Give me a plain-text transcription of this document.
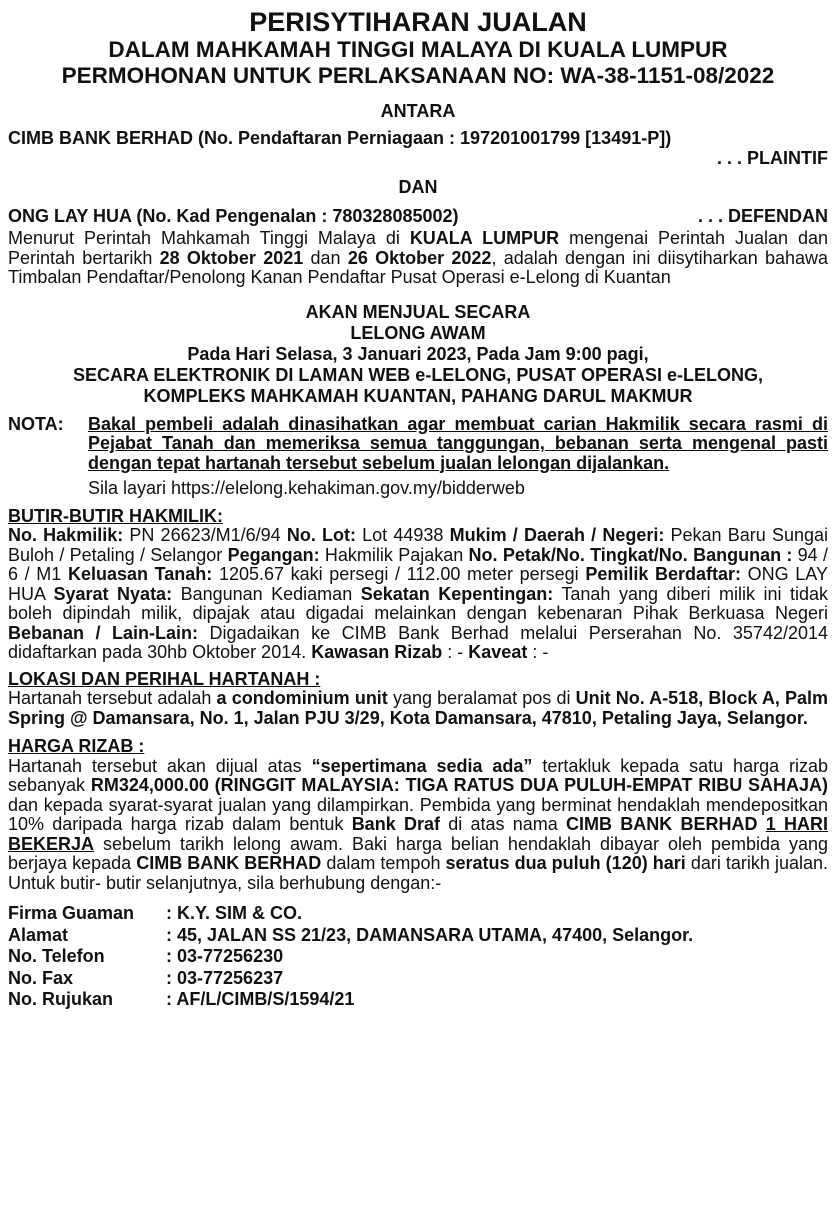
PERISYTIHARAN JUALAN
DALAM MAHKAMAH TINGGI MALAYA DI KUALA LUMPUR
PERMOHONAN UNTUK PERLAKSANAAN NO: WA-38-1151-08/2022
ANTARA
CIMB BANK BERHAD (No. Pendaftaran Perniagaan : 197201001799 [13491-P])
. . . PLAINTIF
DAN
ONG LAY HUA (No. Kad Pengenalan : 780328085002)	. . . DEFENDAN
Menurut Perintah Mahkamah Tinggi Malaya di KUALA LUMPUR mengenai Perintah Jualan dan Perintah bertarikh 28 Oktober 2021 dan 26 Oktober 2022, adalah dengan ini diisytiharkan bahawa Timbalan Pendaftar/Penolong Kanan Pendaftar Pusat Operasi e-Lelong di Kuantan
AKAN MENJUAL SECARA
LELONG AWAM
Pada Hari Selasa, 3 Januari 2023, Pada Jam 9:00 pagi,
SECARA ELEKTRONIK DI LAMAN WEB e-LELONG, PUSAT OPERASI e-LELONG,
KOMPLEKS MAHKAMAH KUANTAN, PAHANG DARUL MAKMUR
NOTA:	Bakal pembeli adalah dinasihatkan agar membuat carian Hakmilik secara rasmi di Pejabat Tanah dan memeriksa semua tanggungan, bebanan serta mengenal pasti dengan tepat hartanah tersebut sebelum jualan lelongan dijalankan.
Sila layari https://elelong.kehakiman.gov.my/bidderweb
BUTIR-BUTIR HAKMILIK:
No. Hakmilik: PN 26623/M1/6/94 No. Lot: Lot 44938 Mukim / Daerah / Negeri: Pekan Baru Sungai Buloh / Petaling / Selangor Pegangan: Hakmilik Pajakan No. Petak/No. Tingkat/No. Bangunan : 94 / 6 / M1 Keluasan Tanah: 1205.67 kaki persegi / 112.00 meter persegi Pemilik Berdaftar: ONG LAY HUA Syarat Nyata: Bangunan Kediaman Sekatan Kepentingan: Tanah yang diberi milik ini tidak boleh dipindah milik, dipajak atau digadai melainkan dengan kebenaran Pihak Berkuasa Negeri Bebanan / Lain-Lain: Digadaikan ke CIMB Bank Berhad melalui Perserahan No. 35742/2014 didaftarkan pada 30hb Oktober 2014. Kawasan Rizab : - Kaveat : -
LOKASI DAN PERIHAL HARTANAH :
Hartanah tersebut adalah a condominium unit yang beralamat pos di Unit No. A-518, Block A, Palm Spring @ Damansara, No. 1, Jalan PJU 3/29, Kota Damansara, 47810, Petaling Jaya, Selangor.
HARGA RIZAB :
Hartanah tersebut akan dijual atas “sepertimana sedia ada” tertakluk kepada satu harga rizab sebanyak RM324,000.00 (RINGGIT MALAYSIA: TIGA RATUS DUA PULUH-EMPAT RIBU SAHAJA) dan kepada syarat-syarat jualan yang dilampirkan. Pembida yang berminat hendaklah mendepositkan 10% daripada harga rizab dalam bentuk Bank Draf di atas nama CIMB BANK BERHAD 1 HARI BEKERJA sebelum tarikh lelong awam. Baki harga belian hendaklah dibayar oleh pembida yang berjaya kepada CIMB BANK BERHAD dalam tempoh seratus dua puluh (120) hari dari tarikh jualan. Untuk butir- butir selanjutnya, sila berhubung dengan:-
Firma Guaman	: K.Y. SIM & CO.
Alamat	: 45, JALAN SS 21/23, DAMANSARA UTAMA, 47400, Selangor.
No. Telefon	: 03-77256230
No. Fax	: 03-77256237
No. Rujukan	: AF/L/CIMB/S/1594/21
